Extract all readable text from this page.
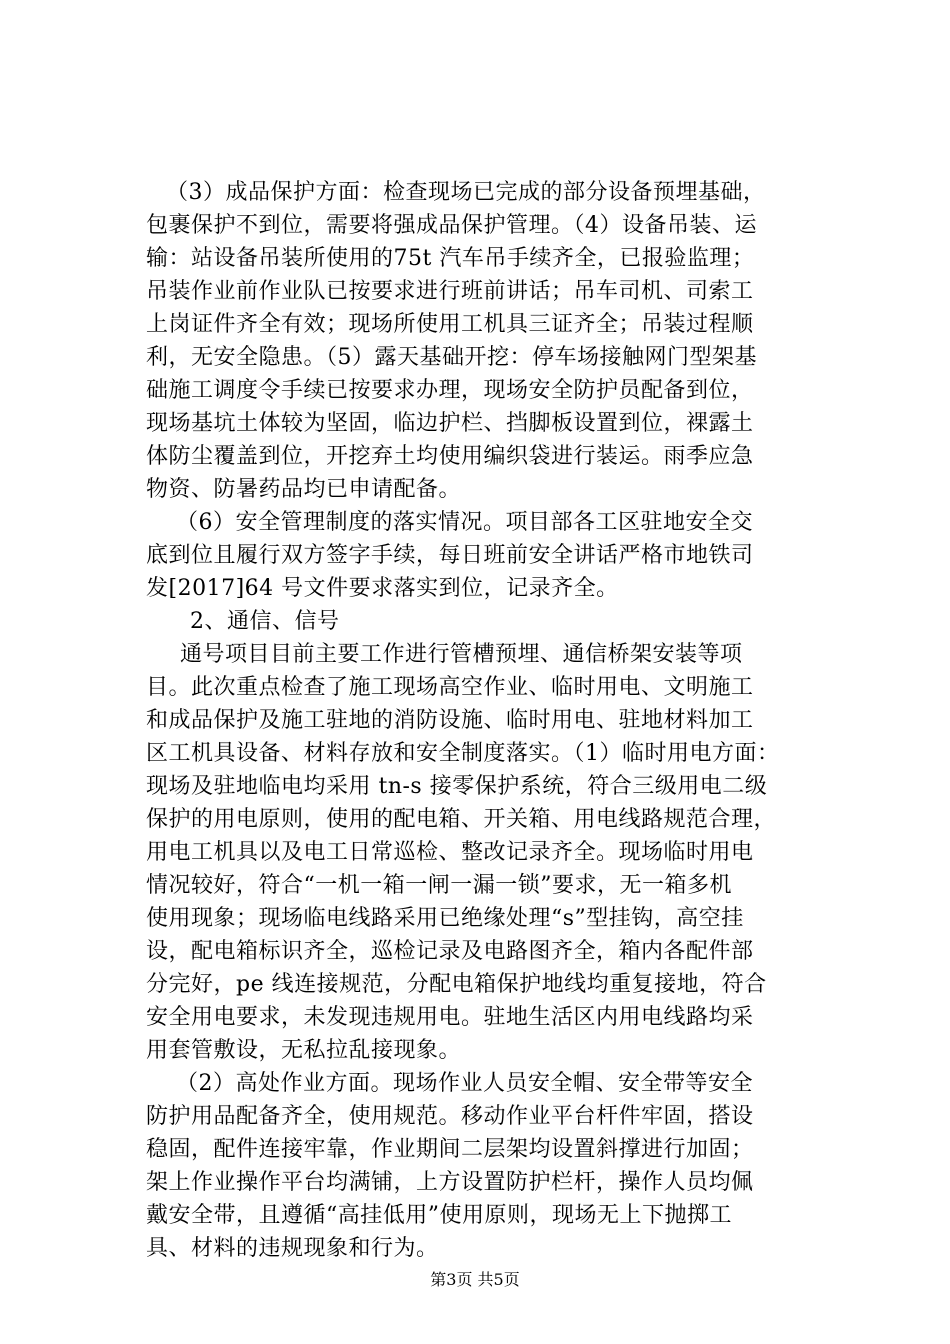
（3）成品保护方面：检查现场已完成的部分设备预埋基础，
包裹保护不到位，需要将强成品保护管理。（4）设备吊装、运
输：站设备吊装所使用的75t 汽车吊手续齐全，已报验监理；
吊装作业前作业队已按要求进行班前讲话；吊车司机、司索工
上岗证件齐全有效；现场所使用工机具三证齐全；吊装过程顺
利，无安全隐患。（5）露天基础开挖：停车场接触网门型架基
础施工调度令手续已按要求办理，现场安全防护员配备到位，
现场基坑土体较为坚固，临边护栏、挡脚板设置到位，裸露土
体防尘覆盖到位，开挖弃土均使用编织袋进行装运。雨季应急
物资、防暑药品均已申请配备。
（6）安全管理制度的落实情况。项目部各工区驻地安全交
底到位且履行双方签字手续，每日班前安全讲话严格市地铁司
发[2017]64 号文件要求落实到位，记录齐全。
2、通信、信号
通号项目目前主要工作进行管槽预埋、通信桥架安装等项
目。此次重点检查了施工现场高空作业、临时用电、文明施工
和成品保护及施工驻地的消防设施、临时用电、驻地材料加工
区工机具设备、材料存放和安全制度落实。（1）临时用电方面：
现场及驻地临电均采用 tn-s 接零保护系统，符合三级用电二级
保护的用电原则，使用的配电箱、开关箱、用电线路规范合理，
用电工机具以及电工日常巡检、整改记录齐全。现场临时用电
情况较好，符合“一机一箱一闸一漏一锁”要求，无一箱多机
使用现象；现场临电线路采用已绝缘处理“s”型挂钩，高空挂
设，配电箱标识齐全，巡检记录及电路图齐全，箱内各配件部
分完好，pe 线连接规范，分配电箱保护地线均重复接地，符合
安全用电要求，未发现违规用电。驻地生活区内用电线路均采
用套管敷设，无私拉乱接现象。
（2）高处作业方面。现场作业人员安全帽、安全带等安全
防护用品配备齐全，使用规范。移动作业平台杆件牢固，搭设
稳固，配件连接牢靠，作业期间二层架均设置斜撑进行加固；
架上作业操作平台均满铺，上方设置防护栏杆，操作人员均佩
戴安全带，且遵循“高挂低用”使用原则，现场无上下抛掷工
具、材料的违规现象和行为。
第3页 共5页
